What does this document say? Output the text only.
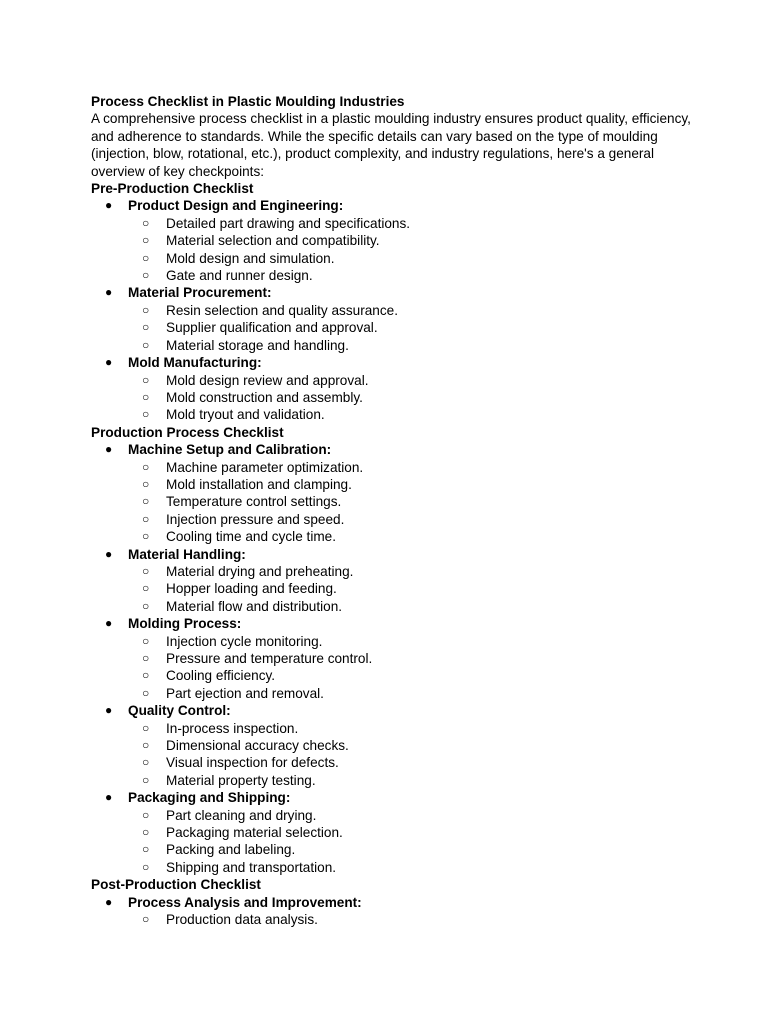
Process Checklist in Plastic Moulding Industries

A comprehensive process checklist in a plastic moulding industry ensures product quality, efficiency, and adherence to standards. While the specific details can vary based on the type of moulding (injection, blow, rotational, etc.), product complexity, and industry regulations, here's a general overview of key checkpoints:

Pre-Production Checklist

● Product Design and Engineering:
○ Detailed part drawing and specifications.
○ Material selection and compatibility.
○ Mold design and simulation.
○ Gate and runner design.
● Material Procurement:
○ Resin selection and quality assurance.
○ Supplier qualification and approval.
○ Material storage and handling.
● Mold Manufacturing:
○ Mold design review and approval.
○ Mold construction and assembly.
○ Mold tryout and validation.

Production Process Checklist

● Machine Setup and Calibration:
○ Machine parameter optimization.
○ Mold installation and clamping.
○ Temperature control settings.
○ Injection pressure and speed.
○ Cooling time and cycle time.
● Material Handling:
○ Material drying and preheating.
○ Hopper loading and feeding.
○ Material flow and distribution.
● Molding Process:
○ Injection cycle monitoring.
○ Pressure and temperature control.
○ Cooling efficiency.
○ Part ejection and removal.
● Quality Control:
○ In-process inspection.
○ Dimensional accuracy checks.
○ Visual inspection for defects.
○ Material property testing.
● Packaging and Shipping:
○ Part cleaning and drying.
○ Packaging material selection.
○ Packing and labeling.
○ Shipping and transportation.

Post-Production Checklist

● Process Analysis and Improvement:
○ Production data analysis.
